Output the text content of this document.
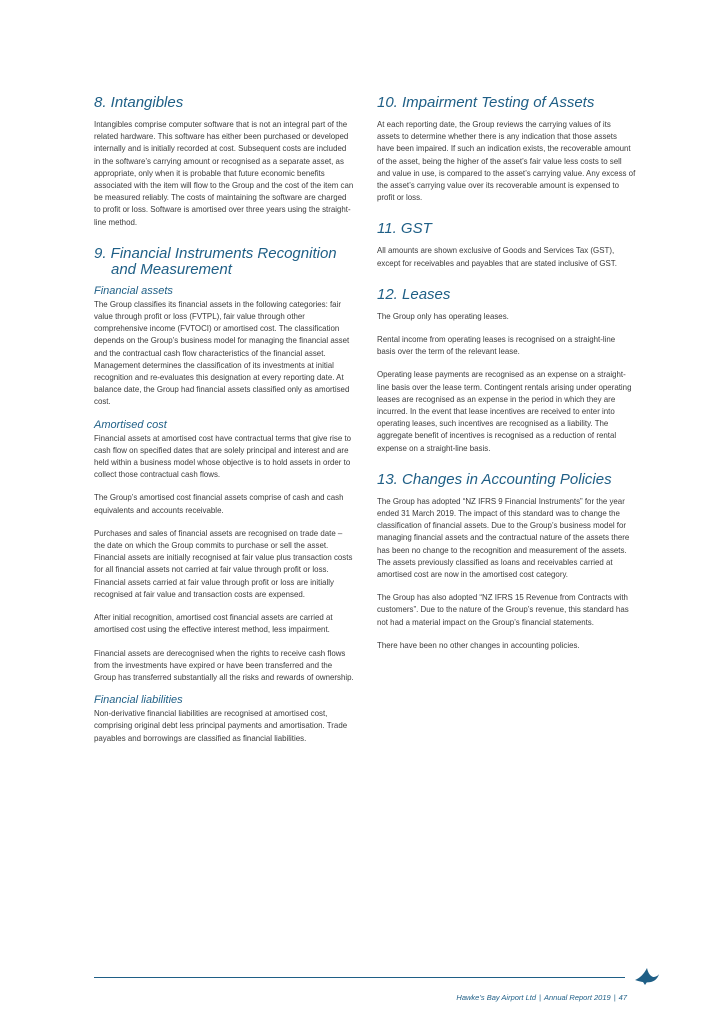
8. Intangibles

Intangibles comprise computer software that is not an integral part of the related hardware. This software has either been purchased or developed internally and is initially recorded at cost. Subsequent costs are included in the software’s carrying amount or recognised as a separate asset, as appropriate, only when it is probable that future economic benefits associated with the item will flow to the Group and the cost of the item can be measured reliably. The costs of maintaining the software are charged to profit or loss. Software is amortised over three years using the straight-line method.

9. Financial Instruments Recognition
and Measurement
Financial assets

The Group classifies its financial assets in the following categories: fair value through profit or loss (FVTPL), fair value through other comprehensive income (FVTOCI) or amortised cost. The classification depends on the Group’s business model for managing the financial asset and the contractual cash flow characteristics of the financial asset. Management determines the classification of its investments at initial recognition and re-evaluates this designation at every reporting date. At balance date, the Group had financial assets classified only as amortised cost.

Amortised cost

Financial assets at amortised cost have contractual terms that give rise to cash flow on specified dates that are solely principal and interest and are held within a business model whose objective is to hold assets in order to collect those contractual cash flows.

The Group’s amortised cost financial assets comprise of cash and cash equivalents and accounts receivable.

Purchases and sales of financial assets are recognised on trade date – the date on which the Group commits to purchase or sell the asset. Financial assets are initially recognised at fair value plus transaction costs for all financial assets not carried at fair value through profit or loss. Financial assets carried at fair value through profit or loss are initially recognised at fair value and transaction costs are expensed.

After initial recognition, amortised cost financial assets are carried at amortised cost using the effective interest method, less impairment.

Financial assets are derecognised when the rights to receive cash flows from the investments have expired or have been transferred and the Group has transferred substantially all the risks and rewards of ownership.

Financial liabilities

Non-derivative financial liabilities are recognised at amortised cost, comprising original debt less principal payments and amortisation. Trade payables and borrowings are classified as financial liabilities.

10. Impairment Testing of Assets

At each reporting date, the Group reviews the carrying values of its assets to determine whether there is any indication that those assets have been impaired. If such an indication exists, the recoverable amount of the asset, being the higher of the asset’s fair value less costs to sell and value in use, is compared to the asset’s carrying value. Any excess of the asset’s carrying value over its recoverable amount is expensed to profit or loss.

11. GST

All amounts are shown exclusive of Goods and Services Tax (GST), except for receivables and payables that are stated inclusive of GST.

12. Leases

The Group only has operating leases.

Rental income from operating leases is recognised on a straight-line basis over the term of the relevant lease.

Operating lease payments are recognised as an expense on a straight-line basis over the lease term. Contingent rentals arising under operating leases are recognised as an expense in the period in which they are incurred. In the event that lease incentives are received to enter into operating leases, such incentives are recognised as a liability. The aggregate benefit of incentives is recognised as a reduction of rental expense on a straight-line basis.

13. Changes in Accounting Policies

The Group has adopted “NZ IFRS 9 Financial Instruments” for the year ended 31 March 2019. The impact of this standard was to change the classification of financial assets. Due to the Group’s business model for managing financial assets and the contractual nature of the assets there has been no change to the recognition and measurement of the assets. The assets previously classified as loans and receivables carried at amortised cost are now in the amortised cost category.

The Group has also adopted “NZ IFRS 15 Revenue from Contracts with customers”. Due to the nature of the Group’s revenue, this standard has not had a material impact on the Group’s financial statements.

There have been no other changes in accounting policies.

Hawke’s Bay Airport Ltd | Annual Report 2019 | 47
